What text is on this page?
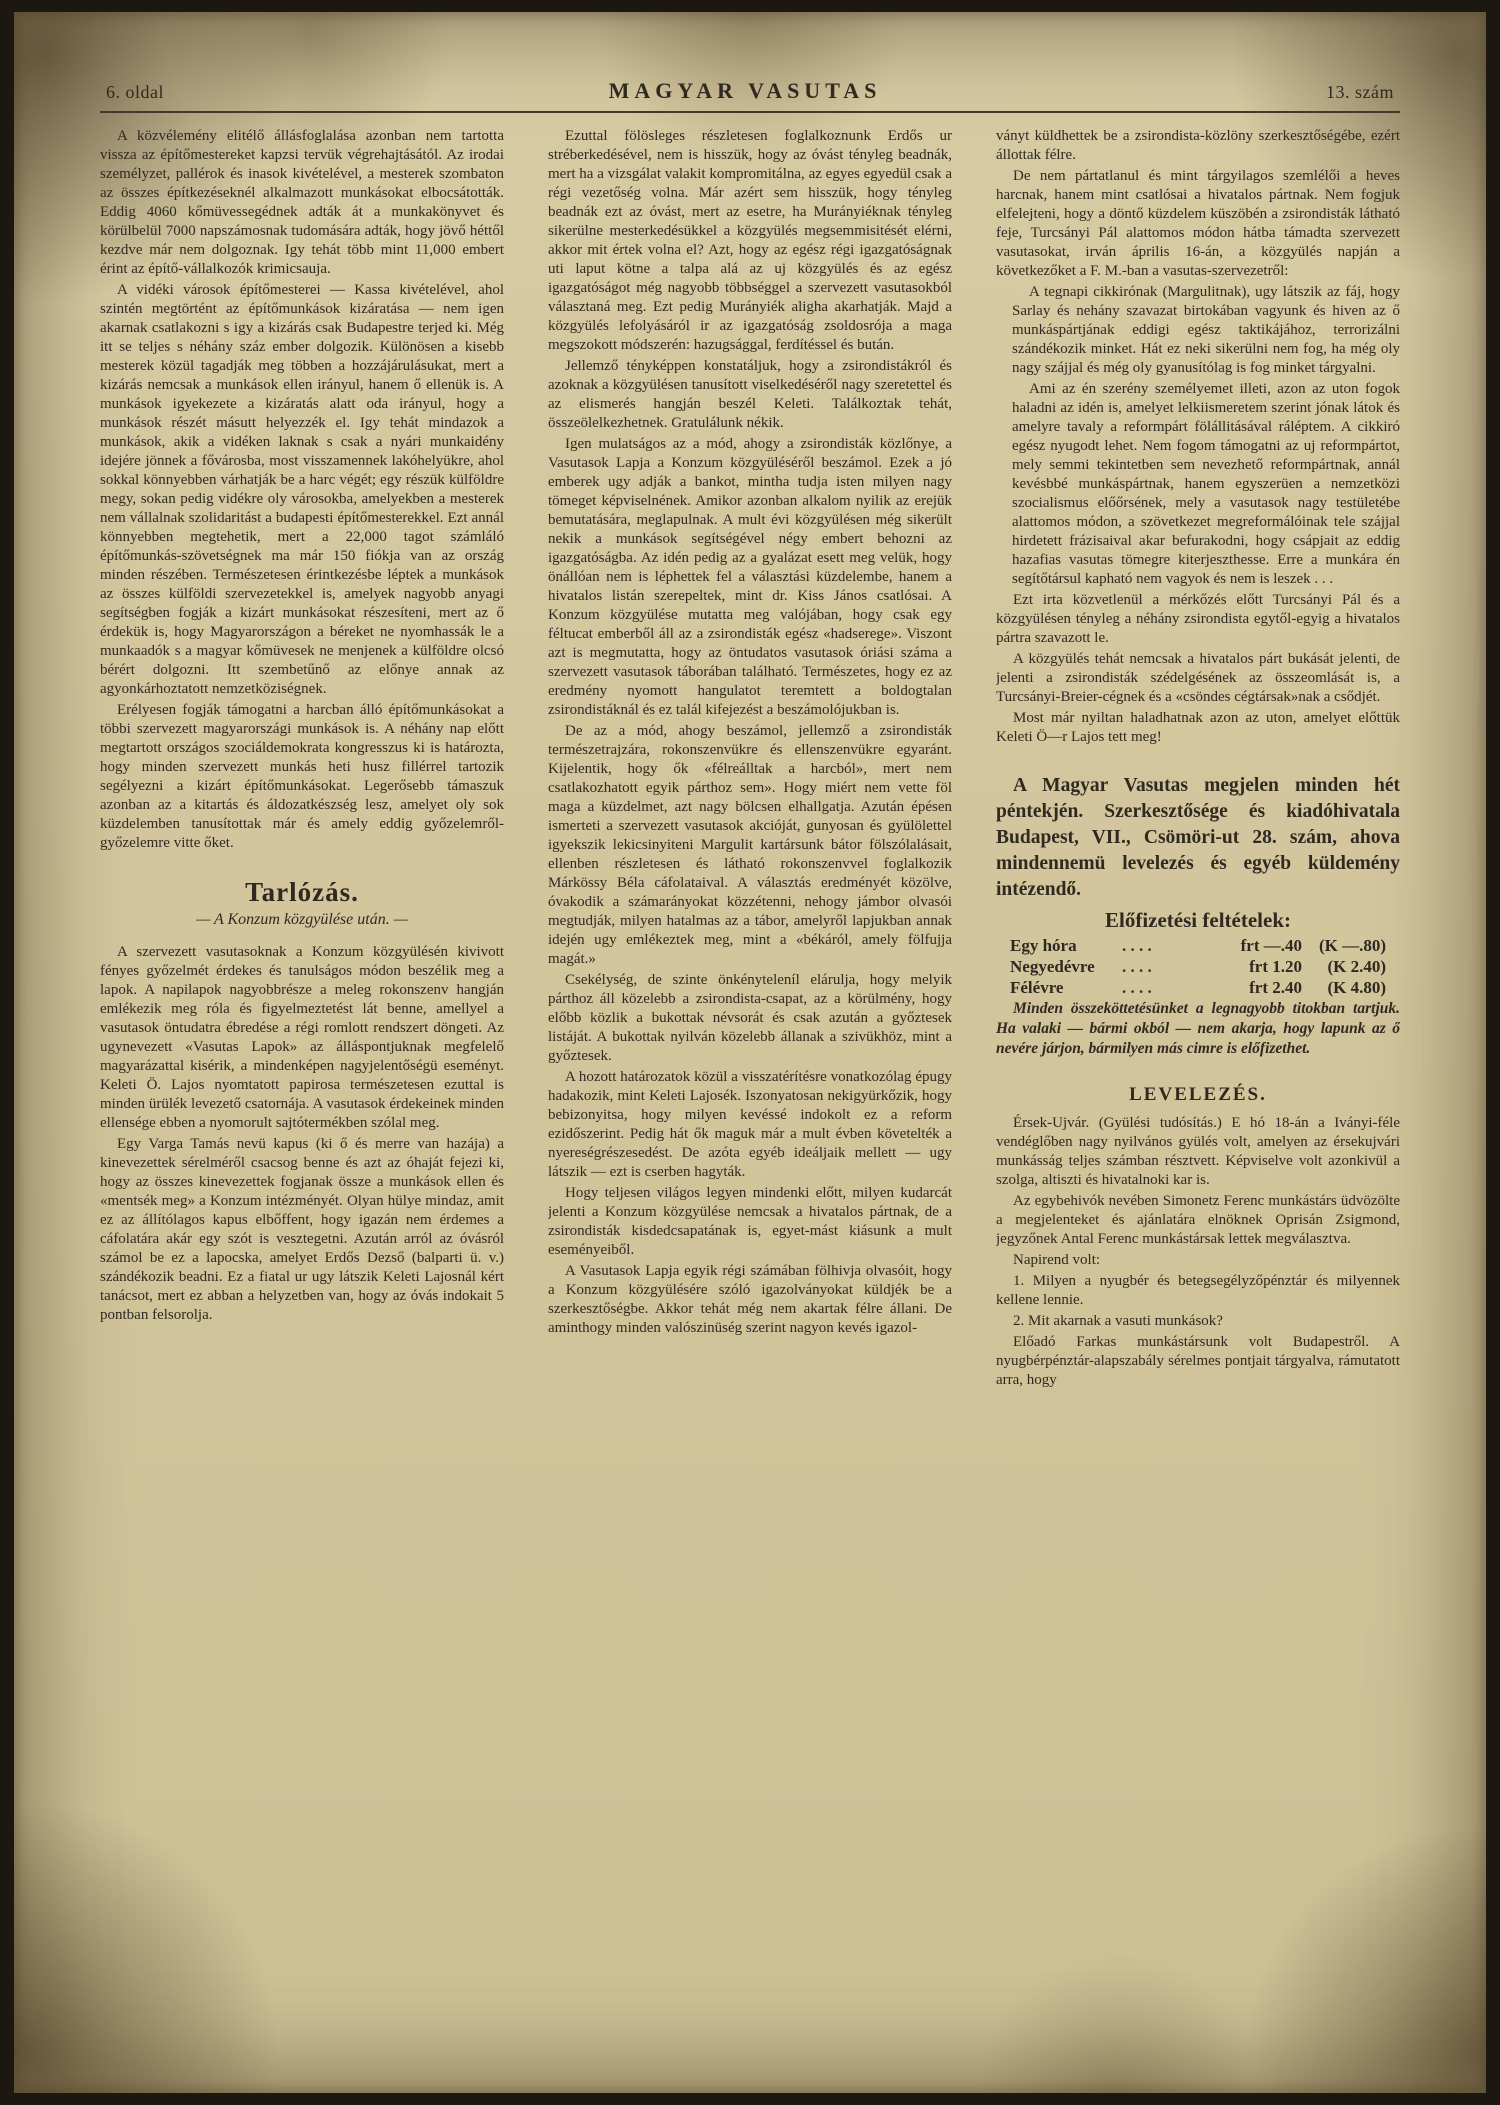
6. oldal	MAGYAR VASUTAS	13. szám

A közvélemény elitélő állásfoglalása azonban nem tartotta vissza az építőmestereket kapzsi tervük végrehajtásától. Az irodai személyzet, pallérok és inasok kivételével, a mesterek szombaton az összes építkezéseknél alkalmazott munkásokat elbocsátották. Eddig 4060 kőmüvessegédnek adták át a munkakönyvet és körülbelül 7000 napszámosnak tudomására adták, hogy jövő héttől kezdve már nem dolgoznak. Igy tehát több mint 11,000 embert érint az építő-vállalkozók krimicsauja.

A vidéki városok építőmesterei — Kassa kivételével, ahol szintén megtörtént az építőmunkások kizáratása — nem igen akarnak csatlakozni s igy a kizárás csak Budapestre terjed ki. Még itt se teljes s néhány száz ember dolgozik. Különösen a kisebb mesterek közül tagadják meg többen a hozzájárulásukat, mert a kizárás nemcsak a munkások ellen irányul, hanem ő ellenük is. A munkások igyekezete a kizáratás alatt oda irányul, hogy a munkások részét másutt helyezzék el. Igy tehát mindazok a munkások, akik a vidéken laknak s csak a nyári munkaidény idejére jönnek a fővárosba, most visszamennek lakóhelyükre, ahol sokkal könnyebben várhatják be a harc végét; egy részük külföldre megy, sokan pedig vidékre oly városokba, amelyekben a mesterek nem vállalnak szolidaritást a budapesti építőmesterekkel. Ezt annál könnyebben megtehetik, mert a 22,000 tagot számláló építőmunkás-szövetségnek ma már 150 fiókja van az ország minden részében. Természetesen érintkezésbe léptek a munkások az összes külföldi szervezetekkel is, amelyek nagyobb anyagi segítségben fogják a kizárt munkásokat részesíteni, mert az ő érdekük is, hogy Magyarországon a béreket ne nyomhassák le a munkaadók s a magyar kőmüvesek ne menjenek a külföldre olcsó bérért dolgozni. Itt szembetűnő az előnye annak az agyonkárhoztatott nemzetköziségnek.

Erélyesen fogják támogatni a harcban álló építőmunkásokat a többi szervezett magyarországi munkások is. A néhány nap előtt megtartott országos szociáldemokrata kongresszus ki is határozta, hogy minden szervezett munkás heti husz fillérrel tartozik segélyezni a kizárt építőmunkásokat. Legerősebb támaszuk azonban az a kitartás és áldozatkészség lesz, amelyet oly sok küzdelemben tanusítottak már és amely eddig győzelemről-győzelemre vitte őket.

Tarlózás.
— A Konzum közgyülése után. —

A szervezett vasutasoknak a Konzum közgyülésén kivivott fényes győzelmét érdekes és tanulságos módon beszélik meg a lapok. A napilapok nagyobbrésze a meleg rokonszenv hangján emlékezik meg róla és figyelmeztetést lát benne, amellyel a vasutasok öntudatra ébredése a régi romlott rendszert döngeti. Az ugynevezett «Vasutas Lapok» az álláspontjuknak megfelelő magyarázattal kisérik, a mindenképen nagyjelentőségü eseményt. Keleti Ö. Lajos nyomtatott papirosa természetesen ezuttal is minden ürülék levezető csatornája. A vasutasok érdekeinek minden ellensége ebben a nyomorult sajtótermékben szólal meg.

Egy Varga Tamás nevü kapus (ki ő és merre van hazája) a kinevezettek sérelméről csacsog benne és azt az óhaját fejezi ki, hogy az összes kinevezettek fogjanak össze a munkások ellen és «mentsék meg» a Konzum intézményét. Olyan hülye mindaz, amit ez az állítólagos kapus elbőffent, hogy igazán nem érdemes a cáfolatára akár egy szót is vesztegetni. Azután arról az óvásról számol be ez a lapocska, amelyet Erdős Dezső (balparti ü. v.) szándékozik beadni. Ez a fiatal ur ugy látszik Keleti Lajosnál kért tanácsot, mert ez abban a helyzetben van, hogy az óvás indokait 5 pontban felsorolja.

Ezuttal fölösleges részletesen foglalkoznunk Erdős ur stréberkedésével, nem is hisszük, hogy az óvást tényleg beadnák, mert ha a vizsgálat valakit kompromitálna, az egyes egyedül csak a régi vezetőség volna. Már azért sem hisszük, hogy tényleg beadnák ezt az óvást, mert az esetre, ha Murányiéknak tényleg sikerülne mesterkedésükkel a közgyülés megsemmisitését elérni, akkor mit értek volna el? Azt, hogy az egész régi igazgatóságnak uti laput kötne a talpa alá az uj közgyülés és az egész igazgatóságot még nagyobb többséggel a szervezett vasutasokból választaná meg. Ezt pedig Murányiék aligha akarhatják. Majd a közgyülés lefolyásáról ir az igazgatóság zsoldosrója a maga megszokott módszerén: hazugsággal, ferdítéssel és bután.

Jellemző tényképpen konstatáljuk, hogy a zsirondistákról és azoknak a közgyülésen tanusított viselkedéséről nagy szeretettel és az elismerés hangján beszél Keleti. Találkoztak tehát, összeölelkezhetnek. Gratulálunk nékik.

Igen mulatságos az a mód, ahogy a zsirondisták közlőnye, a Vasutasok Lapja a Konzum közgyüléséről beszámol. Ezek a jó emberek ugy adják a bankot, mintha tudja isten milyen nagy tömeget képviselnének. Amikor azonban alkalom nyilik az erejük bemutatására, meglapulnak. A mult évi közgyülésen még sikerült nekik a munkások segítségével négy embert behozni az igazgatóságba. Az idén pedig az a gyalázat esett meg velük, hogy önállóan nem is léphettek fel a választási küzdelembe, hanem a hivatalos listán szerepeltek, mint dr. Kiss János csatlósai. A Konzum közgyülése mutatta meg valójában, hogy csak egy féltucat emberből áll az a zsirondisták egész «hadserege». Viszont azt is megmutatta, hogy az öntudatos vasutasok óriási száma a szervezett vasutasok táborában található. Természetes, hogy ez az eredmény nyomott hangulatot teremtett a boldogtalan zsirondistáknál és ez talál kifejezést a beszámolójukban is.

De az a mód, ahogy beszámol, jellemző a zsirondisták természetrajzára, rokonszenvükre és ellenszenvükre egyaránt. Kijelentik, hogy ők «félreálltak a harcból», mert nem csatlakozhatott egyik párthoz sem». Hogy miért nem vette föl maga a küzdelmet, azt nagy bölcsen elhallgatja. Azután épésen ismerteti a szervezett vasutasok akcióját, gunyosan és gyülölettel igyekszik lekicsinyiteni Margulit kartársunk bátor fölszólalásait, ellenben részletesen és látható rokonszenvvel foglalkozik Márkössy Béla cáfolataival. A választás eredményét közölve, óvakodik a számarányokat közzétenni, nehogy jámbor olvasói megtudják, milyen hatalmas az a tábor, amelyről lapjukban annak idején ugy emlékeztek meg, mint a «békáról, amely fölfujja magát.»

Csekélység, de szinte önkényteleníl elárulja, hogy melyik párthoz áll közelebb a zsirondista-csapat, az a körülmény, hogy előbb közlik a bukottak névsorát és csak azután a győztesek listáját. A bukottak nyilván közelebb állanak a szivükhöz, mint a győztesek.

A hozott határozatok közül a visszatérítésre vonatkozólag épugy hadakozik, mint Keleti Lajosék. Iszonyatosan nekigyürkőzik, hogy bebizonyitsa, hogy milyen kevéssé indokolt ez a reform ezidőszerint. Pedig hát ők maguk már a mult évben követelték a nyereségrészesedést. De azóta egyéb ideáljaik mellett — ugy látszik — ezt is cserben hagyták.

Hogy teljesen világos legyen mindenki előtt, milyen kudarcát jelenti a Konzum közgyülése nemcsak a hivatalos pártnak, de a zsirondisták kisdedcsapatának is, egyet-mást kiásunk a mult eseményeiből.

A Vasutasok Lapja egyik régi számában fölhivja olvasóit, hogy a Konzum közgyülésére szóló igazolványokat küldjék be a szerkesztőségbe. Akkor tehát még nem akartak félre állani. De aminthogy minden valószinüség szerint nagyon kevés igazol-

ványt küldhettek be a zsirondista-közlöny szerkesztőségébe, ezért állottak félre.

De nem pártatlanul és mint tárgyilagos szemlélői a heves harcnak, hanem mint csatlósai a hivatalos pártnak. Nem fogjuk elfelejteni, hogy a döntő küzdelem küszöbén a zsirondisták látható feje, Turcsányi Pál alattomos módon hátba támadta szervezett vasutasokat, irván április 16-án, a közgyülés napján a következőket a F. M.-ban a vasutas-szervezetről:

A tegnapi cikkirónak (Margulitnak), ugy látszik az fáj, hogy Sarlay és nehány szavazat birtokában vagyunk és hiven az ő munkáspártjának eddigi egész taktikájához, terrorizálni szándékozik minket. Hát ez neki sikerülni nem fog, ha még oly nagy szájjal és még oly gyanusítólag is fog minket tárgyalni.

Ami az én szerény személyemet illeti, azon az uton fogok haladni az idén is, amelyet lelkiismeretem szerint jónak látok és amelyre tavaly a reformpárt fölállitásával ráléptem. A cikkiró egész nyugodt lehet. Nem fogom támogatni az uj reformpártot, mely semmi tekintetben sem nevezhető reformpártnak, annál kevésbbé munkáspártnak, hanem egyszerüen a nemzetközi szocialismus előőrsének, mely a vasutasok nagy testületébe alattomos módon, a szövetkezet megreformálóinak tele szájjal hirdetett frázisaival akar befurakodni, hogy csápjait az eddig hazafias vasutas tömegre kiterjeszthesse. Erre a munkára én segítőtársul kapható nem vagyok és nem is leszek . . .

Ezt irta közvetlenül a mérkőzés előtt Turcsányi Pál és a közgyülésen tényleg a néhány zsirondista egytől-egyig a hivatalos pártra szavazott le.

A közgyülés tehát nemcsak a hivatalos párt bukását jelenti, de jelenti a zsirondisták szédelgésének az összeomlását is, a Turcsányi-Breier-cégnek és a «csöndes cégtársak»nak a csődjét.

Most már nyiltan haladhatnak azon az uton, amelyet előttük Keleti Ö—r Lajos tett meg!

A Magyar Vasutas megjelen minden hét péntekjén. Szerkesztősége és kiadóhivatala Budapest, VII., Csömöri-ut 28. szám, ahova mindennemü levelezés és egyéb küldemény intézendő.

Előfizetési feltételek:
Egy hóra	. . . .	frt —.40 (K —.80)
Negyedévre	. . . .	frt 1.20	(K 2.40)
Félévre	. . . .	frt 2.40	(K 4.80)

Minden összeköttetésünket a legnagyobb titokban tartjuk. Ha valaki — bármi okból — nem akarja, hogy lapunk az ő nevére járjon, bármilyen más cimre is előfizethet.

LEVELEZÉS.

Érsek-Ujvár. (Gyülési tudósítás.) E hó 18-án a Iványi-féle vendéglőben nagy nyilvános gyülés volt, amelyen az érsekujvári munkásság teljes számban résztvett. Képviselve volt azonkivül a szolga, altiszti és hivatalnoki kar is.

Az egybehivók nevében Simonetz Ferenc munkástárs üdvözölte a megjelenteket és ajánlatára elnöknek Oprisán Zsigmond, jegyzőnek Antal Ferenc munkástársak lettek megválasztva.

Napirend volt:

1. Milyen a nyugbér és betegsegélyzőpénztár és milyennek kellene lennie.

2. Mit akarnak a vasuti munkások?

Előadó Farkas munkástársunk volt Budapestről. A nyugbérpénztár-alapszabály sérelmes pontjait tárgyalva, rámutatott arra, hogy
